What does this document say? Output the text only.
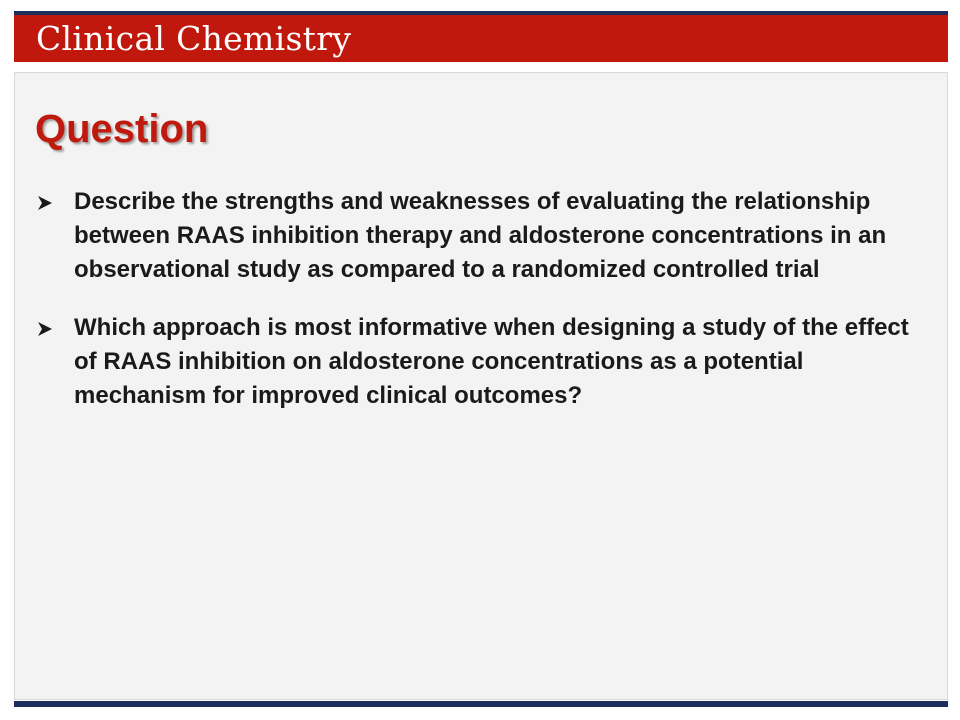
Clinical Chemistry
Question
Describe the strengths and weaknesses of evaluating the relationship between RAAS inhibition therapy and aldosterone concentrations in an observational study as compared to a randomized controlled trial
Which approach is most informative when designing a study of the effect of RAAS inhibition on aldosterone concentrations as a potential mechanism for improved clinical outcomes?
